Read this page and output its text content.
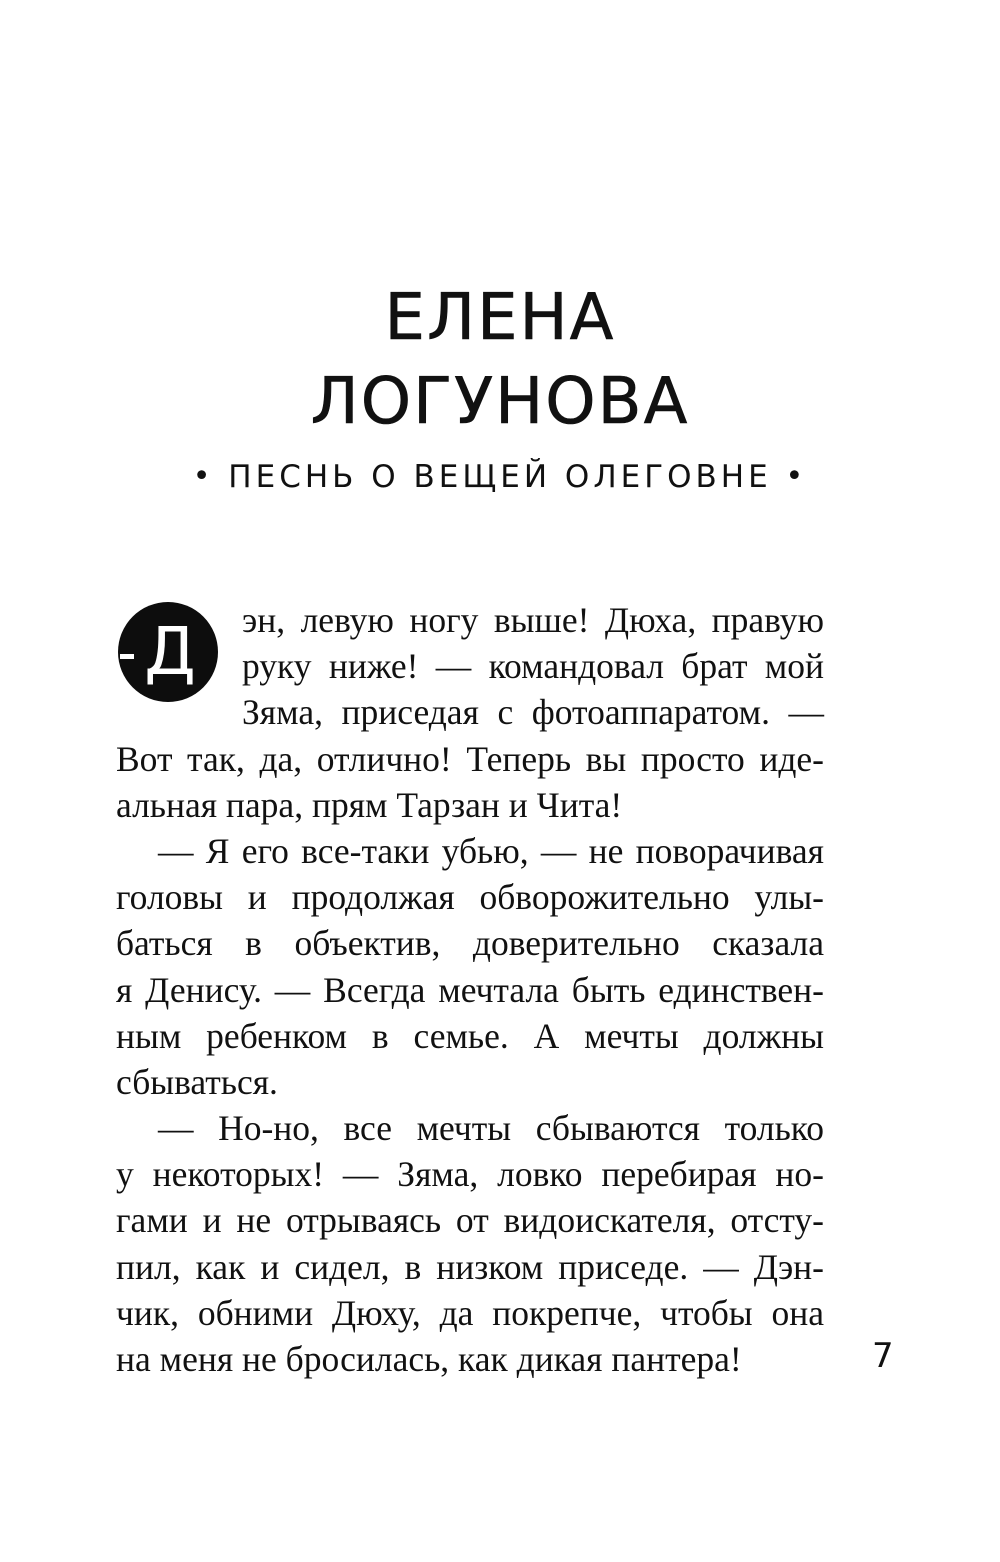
ЕЛЕНА
ЛОГУНОВА
• ПЕСНЬ О ВЕЩЕЙ ОЛЕГОВНЕ •
Д	эн, левую ногу выше! Дюха, правую
руку ниже! — командовал брат мой
Зяма, приседая с фотоаппаратом. —
Вот так, да, отлично! Теперь вы просто иде-
альная пара, прям Тарзан и Чита!
— Я его все-таки убью, — не поворачивая
головы и продолжая обворожительно улы-
баться в объектив, доверительно сказала
я Денису. — Всегда мечтала быть единствен-
ным ребенком в семье. А мечты должны
сбываться.
— Но-но, все мечты сбываются только
у некоторых! — Зяма, ловко перебирая но-
гами и не отрываясь от видоискателя, отсту-
пил, как и сидел, в низком приседе. — Дэн-
чик, обними Дюху, да покрепче, чтобы она
на меня не бросилась, как дикая пантера!	7
